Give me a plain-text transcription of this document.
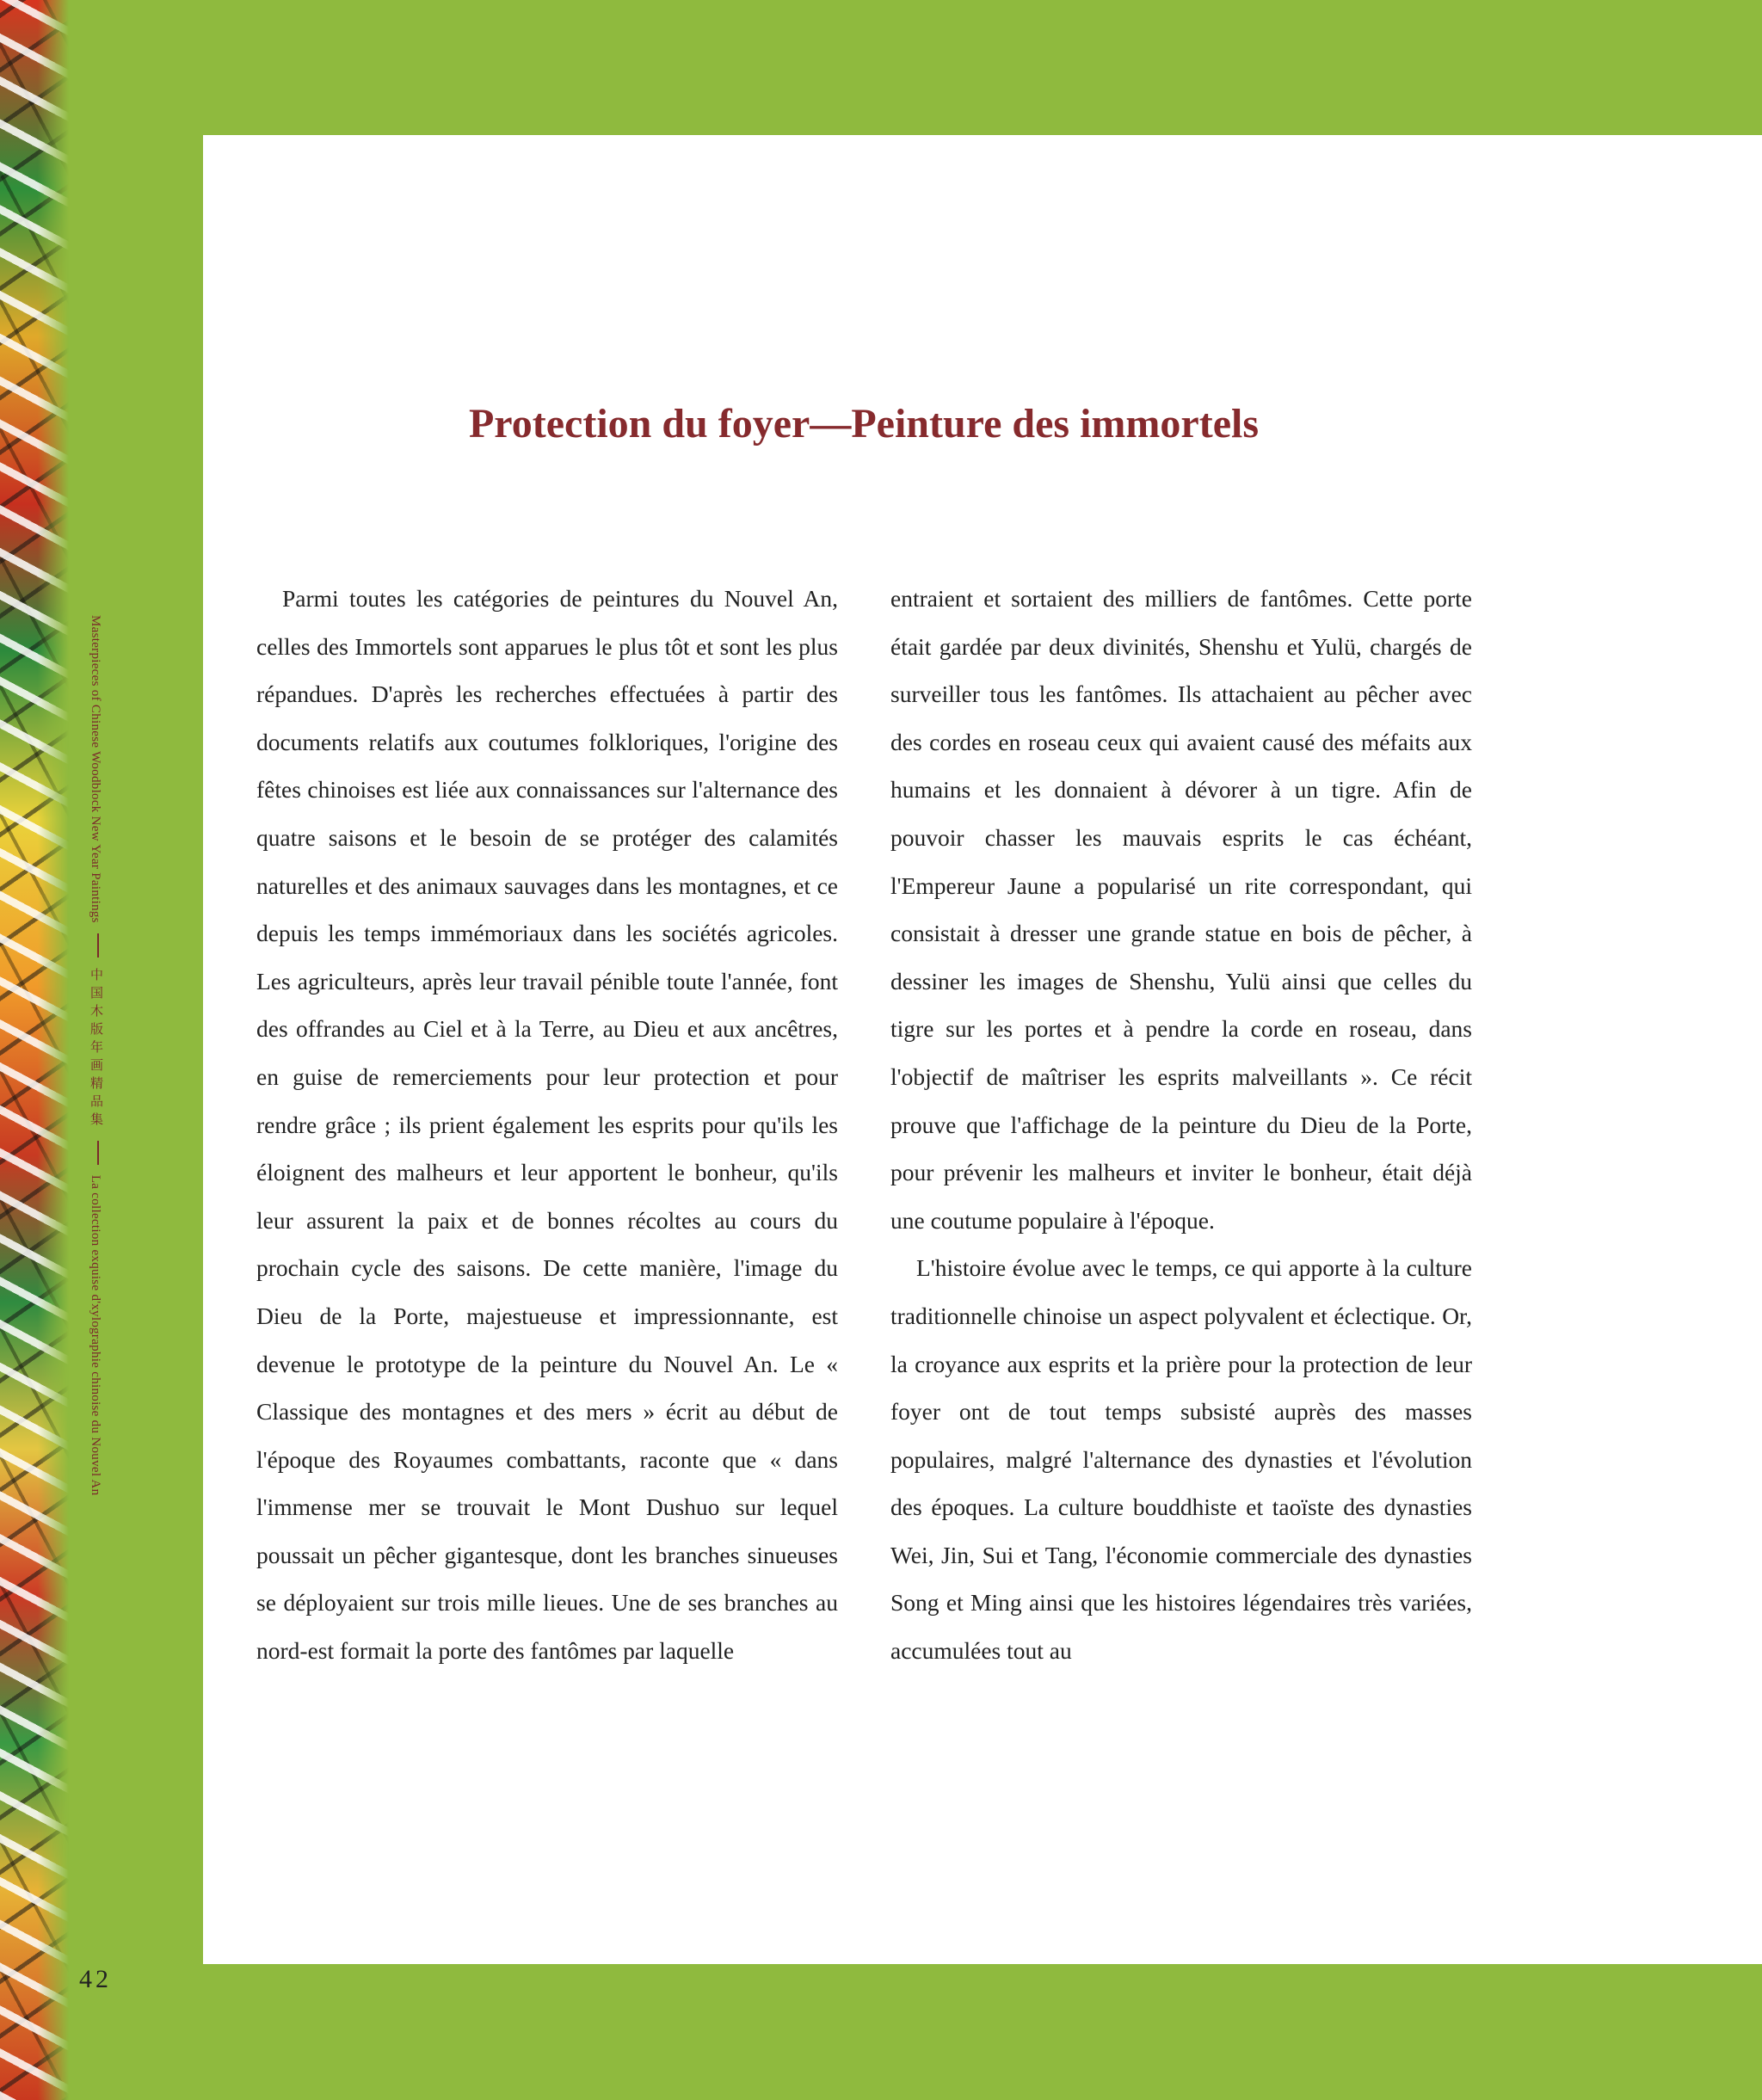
Masterpieces of Chinese Woodblock New Year Paintings中国木版年画精品集La collection exquise d'xylographie chinoise du Nouvel An
Protection du foyer—Peinture des immortels

Parmi toutes les catégories de peintures du Nouvel An, celles des Immortels sont apparues le plus tôt et sont les plus répandues. D'après les recherches effectuées à partir des documents relatifs aux coutumes folkloriques, l'origine des fêtes chinoises est liée aux connaissances sur l'alternance des quatre saisons et le besoin de se protéger des calamités naturelles et des animaux sauvages dans les montagnes, et ce depuis les temps immémoriaux dans les sociétés agricoles. Les agriculteurs, après leur travail pénible toute l'année, font des offrandes au Ciel et à la Terre, au Dieu et aux ancêtres, en guise de remerciements pour leur protection et pour rendre grâce ; ils prient également les esprits pour qu'ils les éloignent des malheurs et leur apportent le bonheur, qu'ils leur assurent la paix et de bonnes récoltes au cours du prochain cycle des saisons. De cette manière, l'image du Dieu de la Porte, majestueuse et impressionnante, est devenue le prototype de la peinture du Nouvel An. Le « Classique des montagnes et des mers » écrit au début de l'époque des Royaumes combattants, raconte que « dans l'immense mer se trouvait le Mont Dushuo sur lequel poussait un pêcher gigantesque, dont les branches sinueuses se déployaient sur trois mille lieues. Une de ses branches au nord-est formait la porte des fantômes par laquelle

entraient et sortaient des milliers de fantômes. Cette porte était gardée par deux divinités, Shenshu et Yulü, chargés de surveiller tous les fantômes. Ils attachaient au pêcher avec des cordes en roseau ceux qui avaient causé des méfaits aux humains et les donnaient à dévorer à un tigre. Afin de pouvoir chasser les mauvais esprits le cas échéant, l'Empereur Jaune a popularisé un rite correspondant, qui consistait à dresser une grande statue en bois de pêcher, à dessiner les images de Shenshu, Yulü ainsi que celles du tigre sur les portes et à pendre la corde en roseau, dans l'objectif de maîtriser les esprits malveillants ». Ce récit prouve que l'affichage de la peinture du Dieu de la Porte, pour prévenir les malheurs et inviter le bonheur, était déjà une coutume populaire à l'époque.

L'histoire évolue avec le temps, ce qui apporte à la culture traditionnelle chinoise un aspect polyvalent et éclectique. Or, la croyance aux esprits et la prière pour la protection de leur foyer ont de tout temps subsisté auprès des masses populaires, malgré l'alternance des dynasties et l'évolution des époques. La culture bouddhiste et taoïste des dynasties Wei, Jin, Sui et Tang, l'économie commerciale des dynasties Song et Ming ainsi que les histoires légendaires très variées, accumulées tout au

42
